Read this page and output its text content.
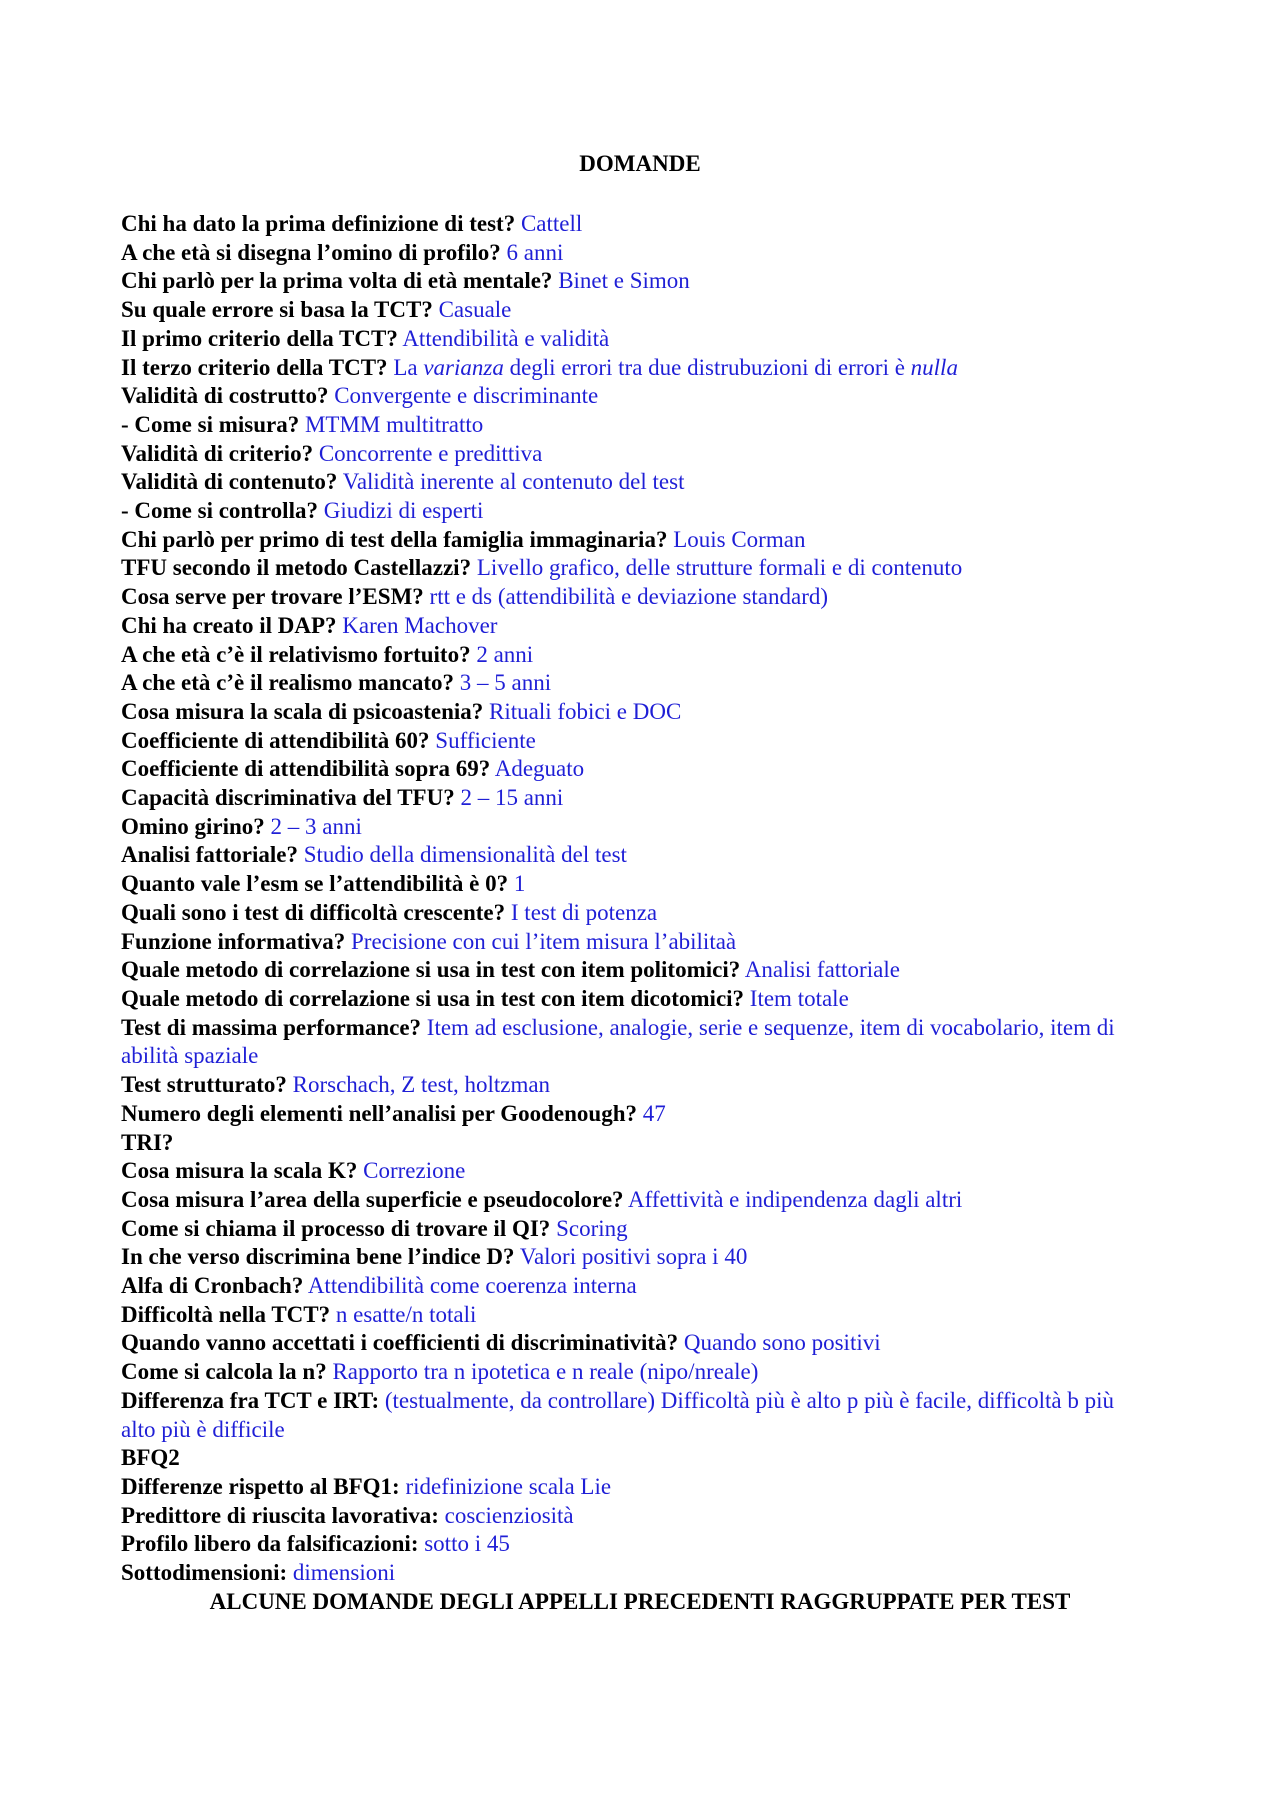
DOMANDE

Chi ha dato la prima definizione di test? Cattell

A che età si disegna l’omino di profilo? 6 anni

Chi parlò per la prima volta di età mentale? Binet e Simon

Su quale errore si basa la TCT? Casuale

Il primo criterio della TCT? Attendibilità e validità

Il terzo criterio della TCT? La varianza degli errori tra due distrubuzioni di errori è nulla

Validità di costrutto? Convergente e discriminante

- Come si misura? MTMM multitratto

Validità di criterio? Concorrente e predittiva

Validità di contenuto? Validità inerente al contenuto del test

- Come si controlla? Giudizi di esperti

Chi parlò per primo di test della famiglia immaginaria? Louis Corman

TFU secondo il metodo Castellazzi? Livello grafico, delle strutture formali e di contenuto

Cosa serve per trovare l’ESM? rtt e ds (attendibilità e deviazione standard)

Chi ha creato il DAP? Karen Machover

A che età c’è il relativismo fortuito? 2 anni

A che età c’è il realismo mancato? 3 – 5 anni

Cosa misura la scala di psicoastenia? Rituali fobici e DOC

Coefficiente di attendibilità 60? Sufficiente

Coefficiente di attendibilità sopra 69? Adeguato

Capacità discriminativa del TFU? 2 – 15 anni

Omino girino? 2 – 3 anni

Analisi fattoriale? Studio della dimensionalità del test

Quanto vale l’esm se l’attendibilità è 0? 1

Quali sono i test di difficoltà crescente? I test di potenza

Funzione informativa? Precisione con cui l’item misura l’abilitaà

Quale metodo di correlazione si usa in test con item politomici? Analisi fattoriale

Quale metodo di correlazione si usa in test con item dicotomici? Item totale

Test di massima performance? Item ad esclusione, analogie, serie e sequenze, item di vocabolario, item di abilità spaziale

Test strutturato? Rorschach, Z test, holtzman

Numero degli elementi nell’analisi per Goodenough? 47

TRI?

Cosa misura la scala K? Correzione

Cosa misura l’area della superficie e pseudocolore? Affettività e indipendenza dagli altri

Come si chiama il processo di trovare il QI? Scoring

In che verso discrimina bene l’indice D? Valori positivi sopra i 40

Alfa di Cronbach? Attendibilità come coerenza interna

Difficoltà nella TCT? n esatte/n totali

Quando vanno accettati i coefficienti di discriminatività? Quando sono positivi

Come si calcola la n? Rapporto tra n ipotetica e n reale (nipo/nreale)

Differenza fra TCT e IRT: (testualmente, da controllare) Difficoltà più è alto p più è facile, difficoltà b più alto più è difficile

BFQ2

Differenze rispetto al BFQ1: ridefinizione scala Lie

Predittore di riuscita lavorativa: coscienziosità

Profilo libero da falsificazioni: sotto i 45

Sottodimensioni: dimensioni

ALCUNE DOMANDE DEGLI APPELLI PRECEDENTI RAGGRUPPATE PER TEST
